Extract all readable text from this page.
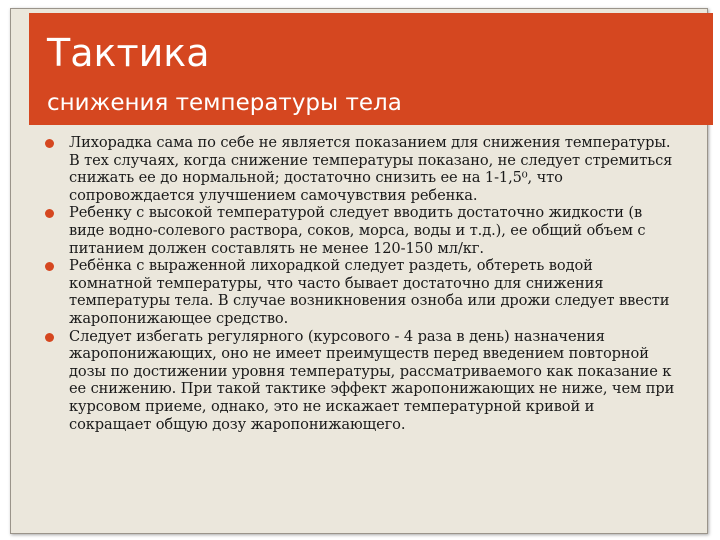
Тактика
снижения температуры тела
Лихорадка сама по себе не является показанием для снижения температуры.
В тех случаях, когда снижение температуры показано, не следует стремиться
снижать ее до нормальной; достаточно снизить ее на 1-1,5⁰, что
сопровождается улучшением самочувствия ребенка.
Ребенку с высокой температурой следует вводить достаточно жидкости (в
виде водно-солевого раствора, соков, морса, воды и т.д.), ее общий объем с
питанием должен составлять не менее 120-150 мл/кг.
Ребёнка с выраженной лихорадкой следует раздеть, обтереть водой
комнатной температуры, что часто бывает достаточно для снижения
температуры тела. В случае возникновения озноба или дрожи следует ввести
жаропонижающее средство.
Следует избегать регулярного (курсового - 4 раза в день) назначения
жаропонижающих, оно не имеет преимуществ перед введением повторной
дозы по достижении уровня температуры, рассматриваемого как показание к
ее снижению. При такой тактике эффект жаропонижающих не ниже, чем при
курсовом приеме, однако, это не искажает температурной кривой и
сокращает общую дозу жаропонижающего.
